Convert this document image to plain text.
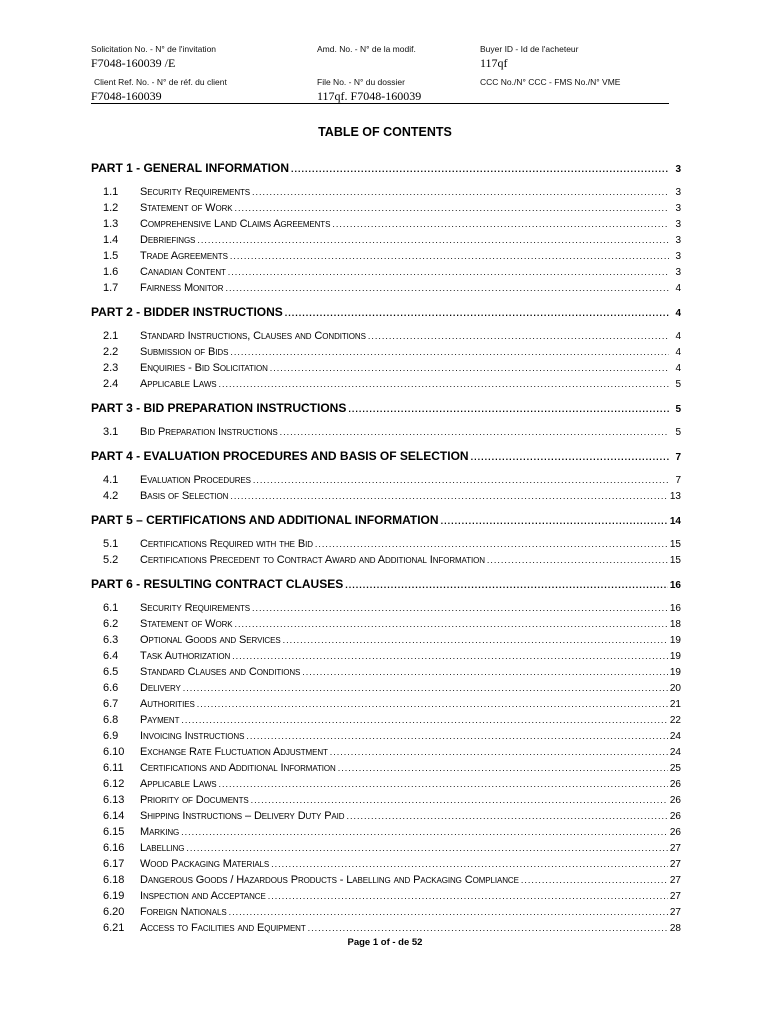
Solicitation No. - N° de l'invitation
F7048-160039 /E
Client Ref. No. - N° de réf. du client
F7048-160039
Amd. No. - N° de la modif.
File No. - N° du dossier
117qf. F7048-160039
Buyer ID - Id de l'acheteur
117qf
CCC No./N° CCC - FMS No./N° VME
TABLE OF CONTENTS
PART 1 - GENERAL INFORMATION .....	3
1.1	Security Requirements .....	3
1.2	Statement of Work .....	3
1.3	Comprehensive Land Claims Agreements .....	3
1.4	Debriefings .....	3
1.5	Trade Agreements .....	3
1.6	Canadian Content .....	3
1.7	Fairness Monitor .....	4
PART 2 - BIDDER INSTRUCTIONS .....	4
2.1	Standard Instructions, Clauses and Conditions .....	4
2.2	Submission of Bids .....	4
2.3	Enquiries - Bid Solicitation .....	4
2.4	Applicable Laws .....	5
PART 3 - BID PREPARATION INSTRUCTIONS .....	5
3.1	Bid Preparation Instructions .....	5
PART 4 - EVALUATION PROCEDURES AND BASIS OF SELECTION .....	7
4.1	Evaluation Procedures .....	7
4.2	Basis of Selection .....	13
PART 5 – CERTIFICATIONS AND ADDITIONAL INFORMATION .....	14
5.1	Certifications Required with the Bid .....	15
5.2	Certifications Precedent to Contract Award and Additional Information .....	15
PART 6 - RESULTING CONTRACT CLAUSES .....	16
6.1	Security Requirements .....	16
6.2	Statement of Work .....	18
6.3	Optional Goods and Services .....	19
6.4	Task Authorization .....	19
6.5	Standard Clauses and Conditions .....	19
6.6	Delivery .....	20
6.7	Authorities .....	21
6.8	Payment .....	22
6.9	Invoicing Instructions .....	24
6.10	Exchange Rate Fluctuation Adjustment .....	24
6.11	Certifications and Additional Information .....	25
6.12	Applicable Laws .....	26
6.13	Priority of Documents .....	26
6.14	Shipping Instructions – Delivery Duty Paid .....	26
6.15	Marking .....	26
6.16	Labelling .....	27
6.17	Wood Packaging Materials .....	27
6.18	Dangerous Goods / Hazardous Products - Labelling and Packaging Compliance .....	27
6.19	Inspection and Acceptance .....	27
6.20	Foreign Nationals .....	27
6.21	Access to Facilities and Equipment .....	28
Page 1 of - de 52
